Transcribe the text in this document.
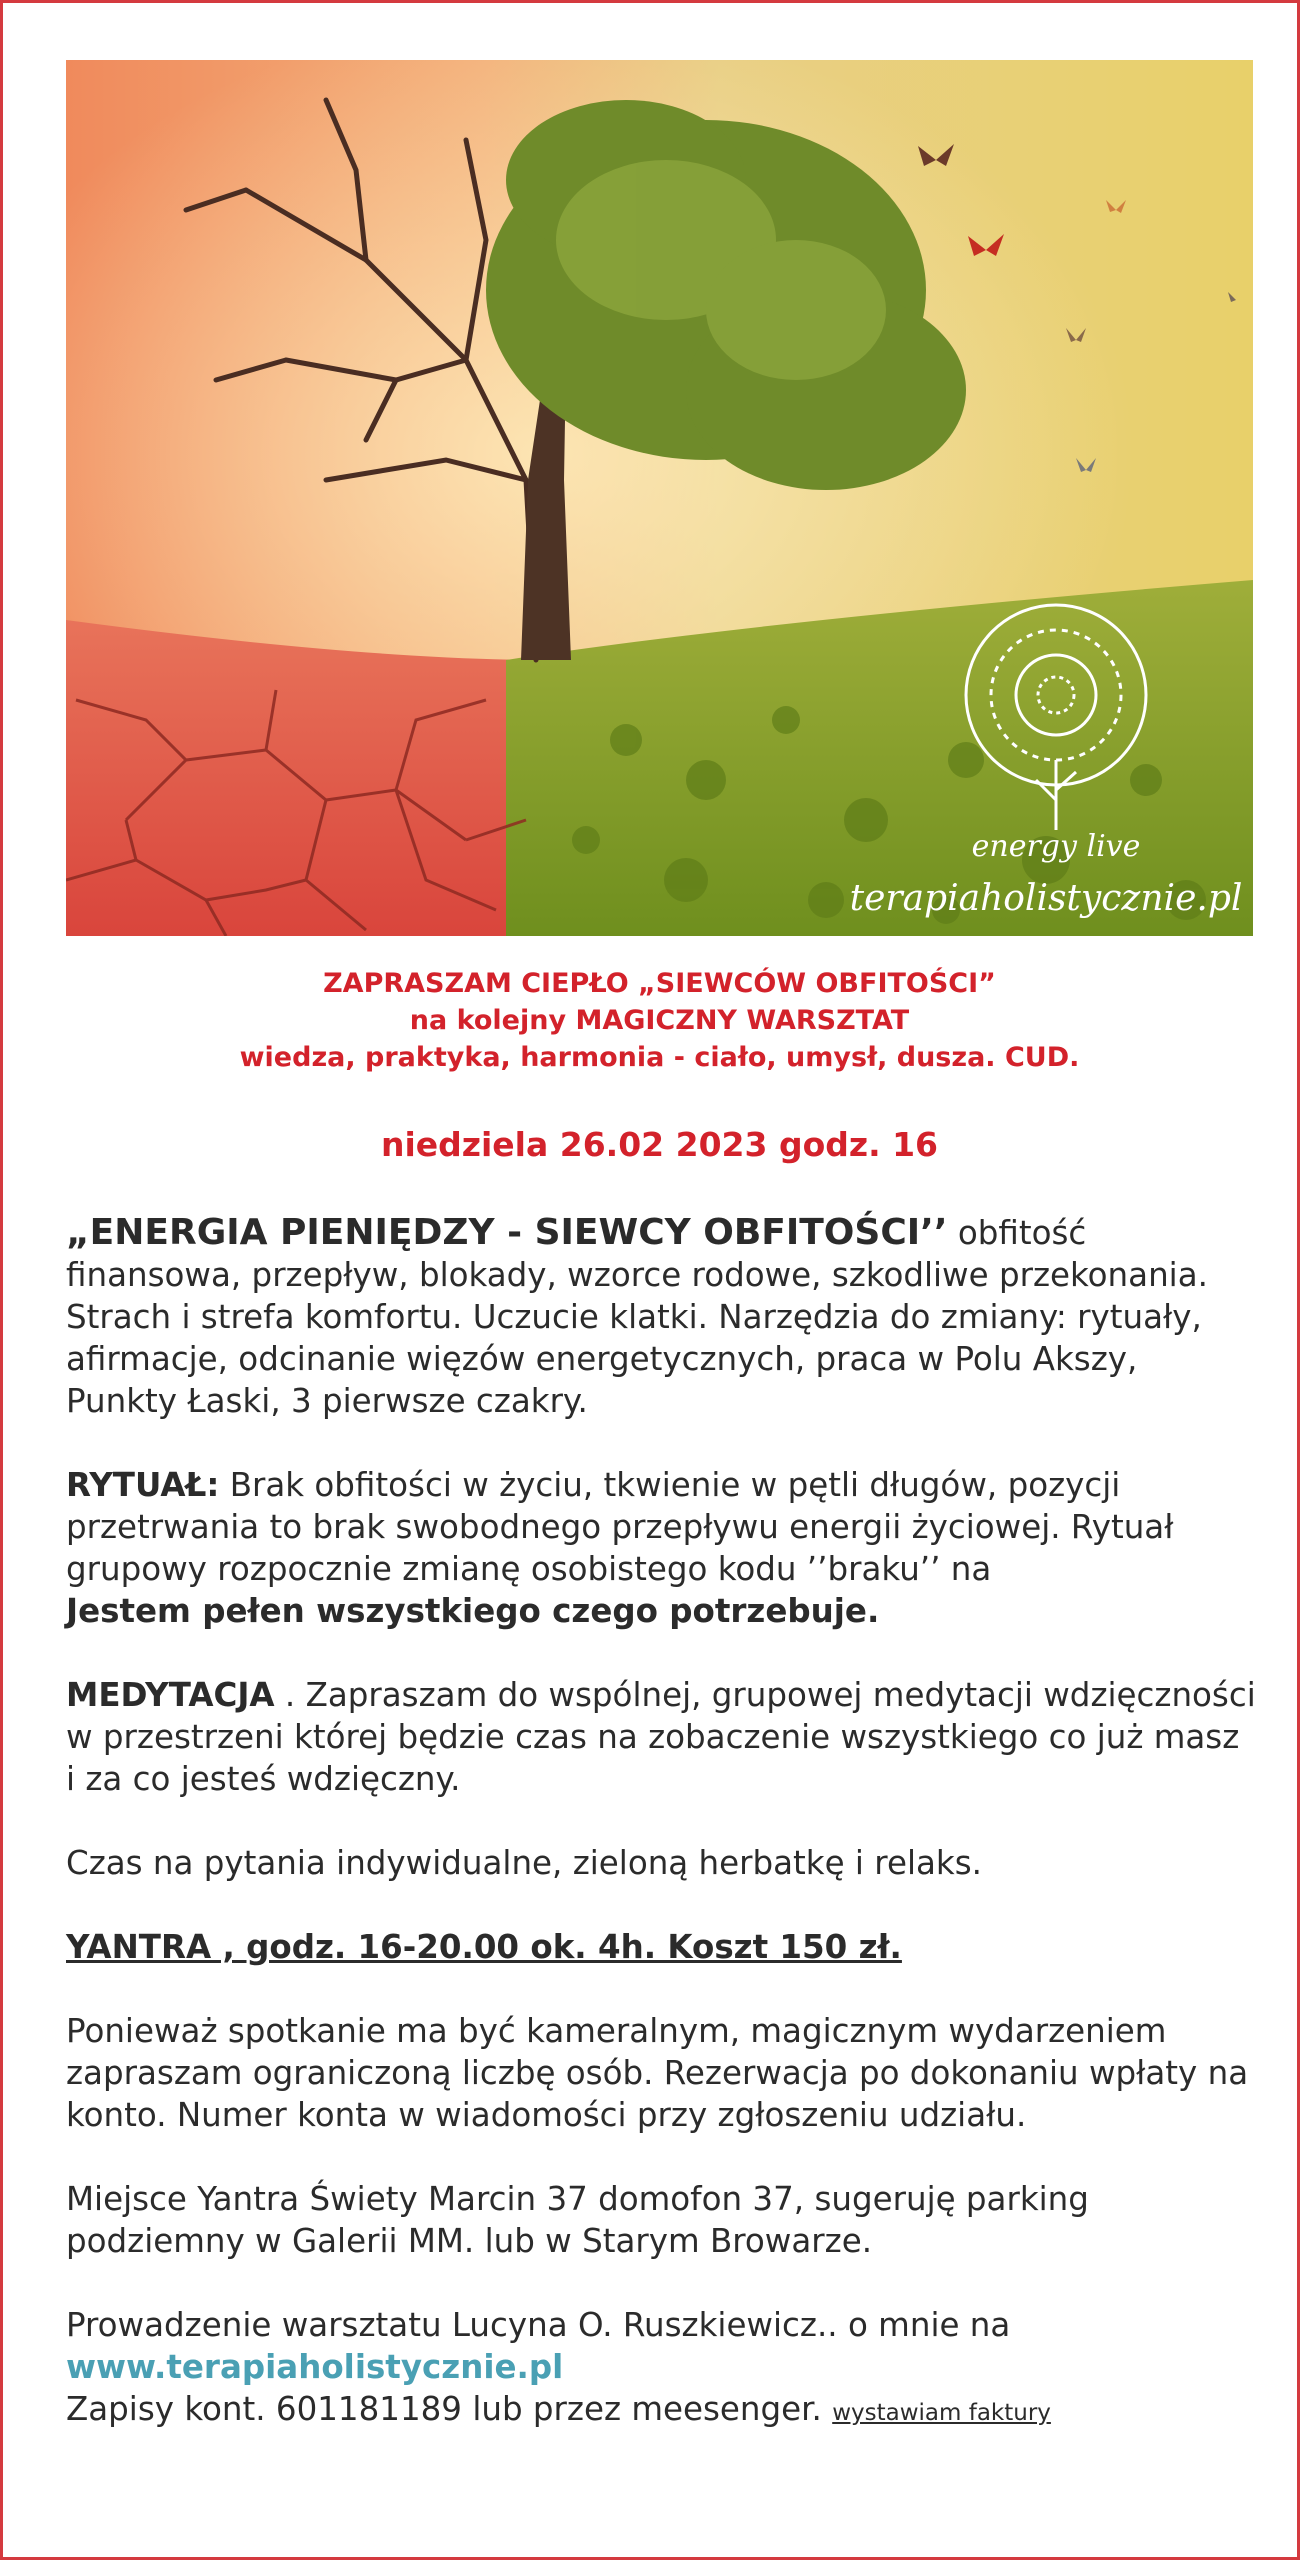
energy live
terapiaholistycznie.pl
ZAPRASZAM CIEPŁO „SIEWCÓW OBFITOŚCI”
na kolejny MAGICZNY WARSZTAT
wiedza, praktyka, harmonia - ciało, umysł, dusza. CUD.
niedziela 26.02 2023 godz. 16

„ENERGIA PIENIĘDZY - SIEWCY OBFITOŚCI’’ obfitość finansowa, przepływ, blokady, wzorce rodowe, szkodliwe przekonania. Strach i strefa komfortu. Uczucie klatki. Narzędzia do zmiany: rytuały, afirmacje, odcinanie więzów energetycznych, praca w Polu Akszy, Punkty Łaski, 3 pierwsze czakry.

RYTUAŁ: Brak obfitości w życiu, tkwienie w pętli długów, pozycji przetrwania to brak swobodnego przepływu energii życiowej. Rytuał grupowy rozpocznie zmianę osobistego kodu ’’braku’’ na
Jestem pełen wszystkiego czego potrzebuje.

MEDYTACJA . Zapraszam do wspólnej, grupowej medytacji wdzięczności w przestrzeni której będzie czas na zobaczenie wszystkiego co już masz i za co jesteś wdzięczny.

Czas na pytania indywidualne, zieloną herbatkę i relaks.

YANTRA , godz. 16-20.00 ok. 4h. Koszt 150 zł.

Ponieważ spotkanie ma być kameralnym, magicznym wydarzeniem zapraszam ograniczoną liczbę osób. Rezerwacja po dokonaniu wpłaty na konto. Numer konta w wiadomości przy zgłoszeniu udziału.

Miejsce Yantra Świety Marcin 37 domofon 37, sugeruję parking podziemny w Galerii MM. lub w Starym Browarze.

Prowadzenie warsztatu Lucyna O. Ruszkiewicz.. o mnie na
www.terapiaholistycznie.pl
Zapisy kont. 601181189 lub przez meesenger. wystawiam faktury
